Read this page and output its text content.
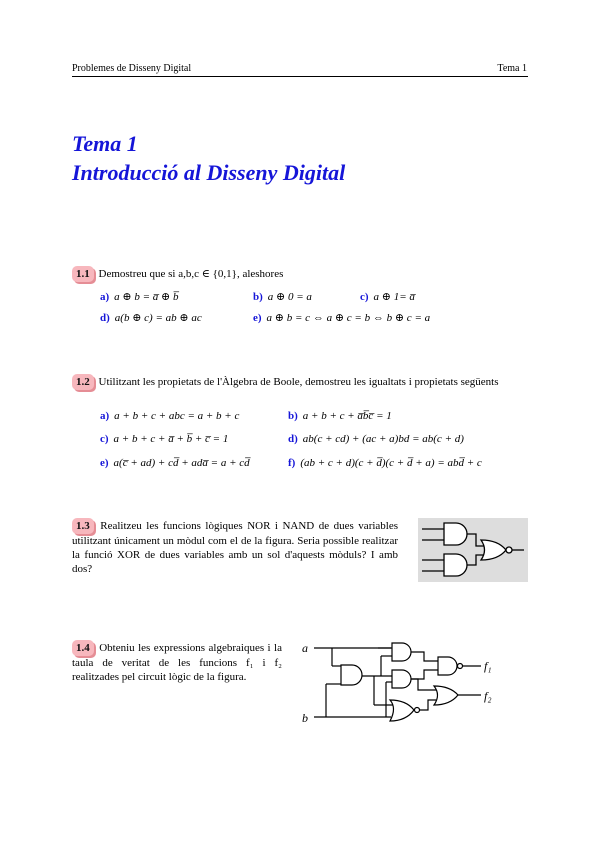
Problemes de Disseny Digital	Tema 1
Tema 1
Introducció al Disseny Digital
1.1 Demostreu que si a,b,c ∈ {0,1}, aleshores
a) a ⊕ b = a̅ ⊕ b̅	b) a ⊕ 0 = a	c) a ⊕ 1= a̅
d) a(b ⊕ c) = ab ⊕ ac	e) a ⊕ b = c ⇔ a ⊕ c = b ⇔ b ⊕ c = a
1.2 Utilitzant les propietats de l'Àlgebra de Boole, demostreu les igualtats i propietats següents
a) a + b + c + abc = a + b + c	b) a + b + c + a̅b̅c̅ = 1
c) a + b + c + a̅ + b̅ + c̅ = 1	d) ab(c + cd) + (ac + a)bd = ab(c + d)
e) a(c̅ + ad) + cd̅ + ada̅ = a + cd̅	f) (ab + c + d)(c + d̅)(c + d̅ + a) = abd̅ + c
1.3 Realitzeu les funcions lògiques NOR i NAND de dues variables utilitzant únicament un mòdul com el de la figura. Seria possible realitzar la funció XOR de dues variables amb un sol d'aquests mòduls? I amb dos?
1.4 Obteniu les expressions algebraiques i la taula de veritat de les funcions f₁ i f₂ realitzades pel circuit lògic de la figura.
a
b
f₁
f₂
